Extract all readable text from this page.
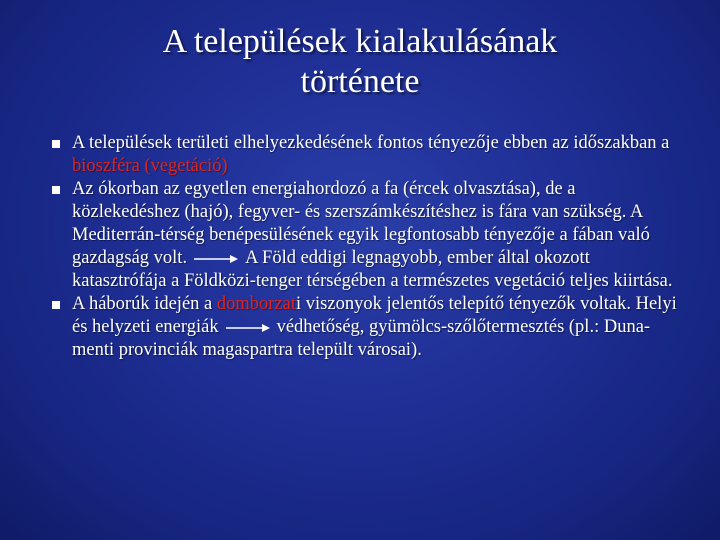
A települések kialakulásának
története
A települések területi elhelyezkedésének fontos tényezője ebben az időszakban a bioszféra (vegetáció)
Az ókorban az egyetlen energiahordozó a fa (ércek olvasztása), de a közlekedéshez (hajó), fegyver- és szerszámkészítéshez is fára van szükség. A Mediterrán-térség benépesülésének egyik legfontosabb tényezője a fában való gazdagság volt.	A Föld eddigi legnagyobb, ember által okozott katasztrófája a Földközi-tenger térségében a természetes vegetáció teljes kiirtása.
A háborúk idején a domborzati viszonyok jelentős telepítő tényezők voltak. Helyi és helyzeti energiák	védhetőség, gyümölcs-szőlőtermesztés (pl.: Duna-menti provinciák magaspartra települt városai).
